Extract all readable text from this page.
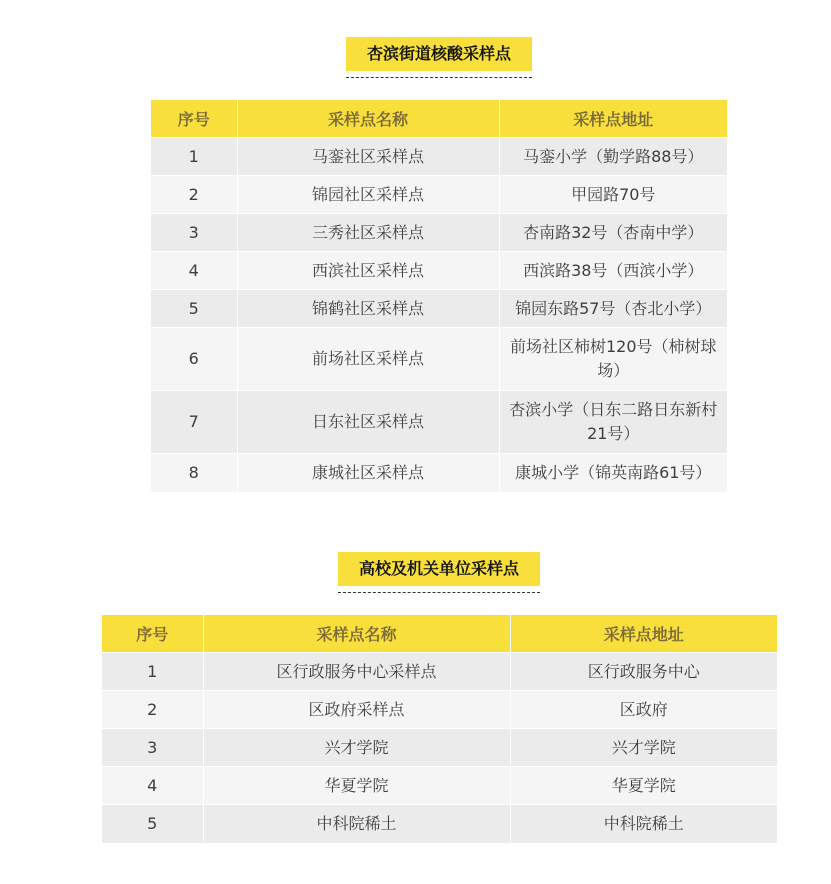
杏滨街道核酸采样点
序号	采样点名称	采样点地址
1	马銮社区采样点	马銮小学（勤学路88号）
2	锦园社区采样点	甲园路70号
3	三秀社区采样点	杏南路32号（杏南中学）
4	西滨社区采样点	西滨路38号（西滨小学）
5	锦鹤社区采样点	锦园东路57号（杏北小学）
6	前场社区采样点	前场社区柿树120号（柿树球场）
7	日东社区采样点	杏滨小学（日东二路日东新村21号）
8	康城社区采样点	康城小学（锦英南路61号）
高校及机关单位采样点
序号	采样点名称	采样点地址
1	区行政服务中心采样点	区行政服务中心
2	区政府采样点	区政府
3	兴才学院	兴才学院
4	华夏学院	华夏学院
5	中科院稀土	中科院稀土
